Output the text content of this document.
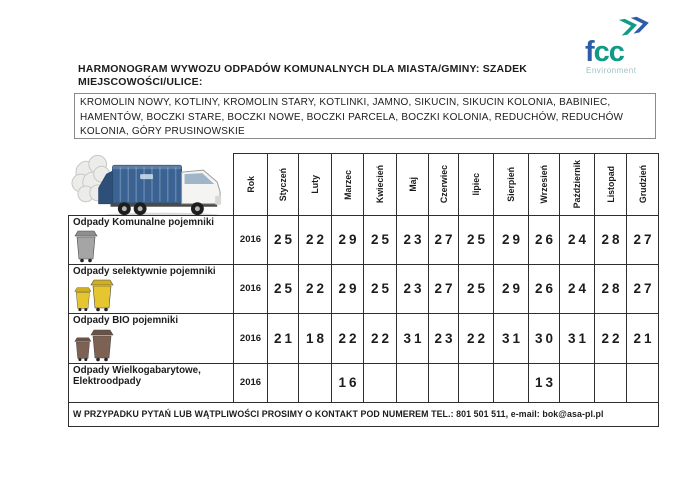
HARMONOGRAM WYWOZU ODPADÓW KOMUNALNYCH DLA MIASTA/GMINY: SZADEK
MIEJSCOWOŚCI/ULICE:
fcc
Environment
KROMOLIN NOWY, KOTLINY, KROMOLIN STARY, KOTLINKI, JAMNO, SIKUCIN, SIKUCIN KOLONIA, BABINIEC, HAMENTÓW, BOCZKI STARE, BOCZKI NOWE, BOCZKI PARCELA, BOCZKI KOLONIA, REDUCHÓW, REDUCHÓW KOLONIA, GÓRY PRUSINOWSKIE

Rok	Styczeń	Luty	Marzec	Kwiecień	Maj	Czerwiec	lipiec	Sierpień	Wrzesień	Październik	Listopad	Grudzień

Odpady Komunalne pojemniki	2016	25	22	29	25	23	27	25	29	26	24	28	27

Odpady selektywnie pojemniki	2016	25	22	29	25	23	27	25	29	26	24	28	27

Odpady BIO pojemniki	2016	21	18	22	22	31	23	22	31	30	31	22	21

Odpady Wielkogabarytowe, Elektroodpady	2016			16						13			
W PRZYPADKU PYTAŃ LUB WĄTPLIWOŚCI PROSIMY O KONTAKT POD NUMEREM TEL.: 801 501 511, e-mail: bok@asa-pl.pl													
